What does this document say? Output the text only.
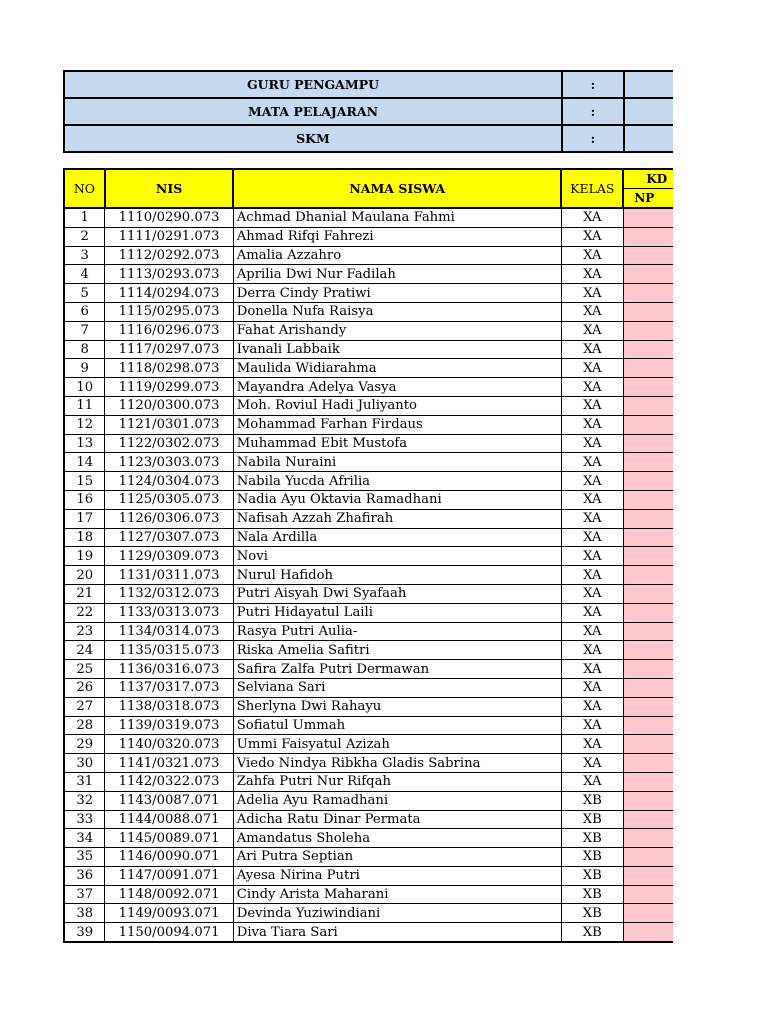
GURU PENGAMPU	:	
MATA PELAJARAN	:	
SKM	:	
NO	NIS	NAMA SISWA	KELAS	KD
				NP
1	1110/0290.073	Achmad Dhanial Maulana Fahmi	XA	
2	1111/0291.073	Ahmad Rifqi Fahrezi	XA	
3	1112/0292.073	Amalia Azzahro	XA	
4	1113/0293.073	Aprilia Dwi Nur Fadilah	XA	
5	1114/0294.073	Derra Cindy Pratiwi	XA	
6	1115/0295.073	Donella Nufa Raisya	XA	
7	1116/0296.073	Fahat Arishandy	XA	
8	1117/0297.073	Ivanali Labbaik	XA	
9	1118/0298.073	Maulida Widiarahma	XA	
10	1119/0299.073	Mayandra Adelya Vasya	XA	
11	1120/0300.073	Moh. Roviul Hadi Juliyanto	XA	
12	1121/0301.073	Mohammad Farhan Firdaus	XA	
13	1122/0302.073	Muhammad Ebit Mustofa	XA	
14	1123/0303.073	Nabila Nuraini	XA	
15	1124/0304.073	Nabila Yucda Afrilia	XA	
16	1125/0305.073	Nadia Ayu Oktavia Ramadhani	XA	
17	1126/0306.073	Nafisah Azzah Zhafirah	XA	
18	1127/0307.073	Nala Ardilla	XA	
19	1129/0309.073	Novi	XA	
20	1131/0311.073	Nurul Hafidoh	XA	
21	1132/0312.073	Putri Aisyah Dwi Syafaah	XA	
22	1133/0313.073	Putri Hidayatul Laili	XA	
23	1134/0314.073	Rasya Putri Aulia-	XA	
24	1135/0315.073	Riska Amelia Safitri	XA	
25	1136/0316.073	Safira Zalfa Putri Dermawan	XA	
26	1137/0317.073	Selviana Sari	XA	
27	1138/0318.073	Sherlyna Dwi Rahayu	XA	
28	1139/0319.073	Sofiatul Ummah	XA	
29	1140/0320.073	Ummi Faisyatul Azizah	XA	
30	1141/0321.073	Viedo Nindya Ribkha Gladis Sabrina	XA	
31	1142/0322.073	Zahfa Putri Nur Rifqah	XA	
32	1143/0087.071	Adelia Ayu Ramadhani	XB	
33	1144/0088.071	Adicha Ratu Dinar Permata	XB	
34	1145/0089.071	Amandatus Sholeha	XB	
35	1146/0090.071	Ari Putra Septian	XB	
36	1147/0091.071	Ayesa Nirina Putri	XB	
37	1148/0092.071	Cindy Arista Maharani	XB	
38	1149/0093.071	Devinda Yuziwindiani	XB	
39	1150/0094.071	Diva Tiara Sari	XB	
